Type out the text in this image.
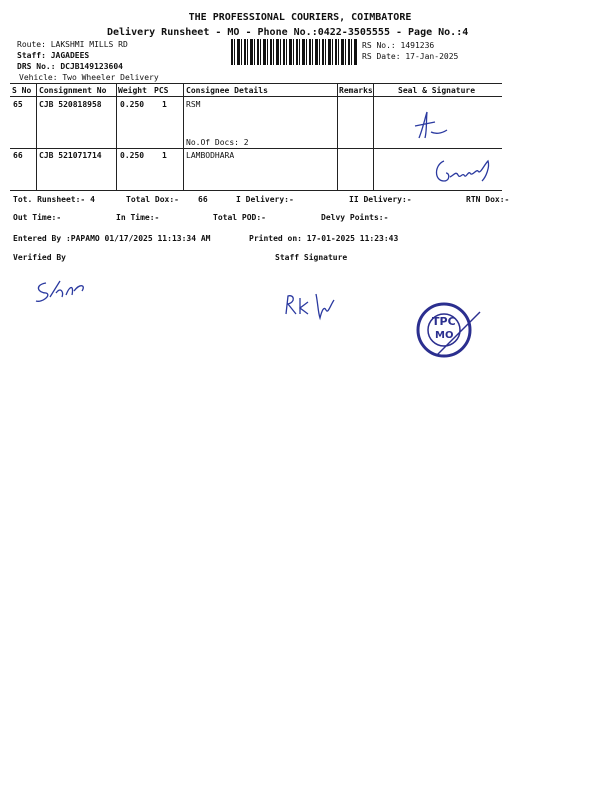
THE PROFESSIONAL COURIERS, COIMBATORE
Delivery Runsheet - MO - Phone No.:0422-3505555 - Page No.:4
Route: LAKSHMI MILLS RD
Staff: JAGADEES
DRS No.: DCJB149123604
Vehicle: Two Wheeler Delivery
RS No.: 1491236
RS Date: 17-Jan-2025
S No Consignment No Weight PCS Consignee Details	Remarks	Seal & Signature
65 CJB 520818958 0.250 1 RSM
No.Of Docs: 2
66 CJB 521071714 0.250 1 LAMBODHARA
Tot. Runsheet:- 4	Total Dox:- 66	I Delivery:-	II Delivery:-	RTN Dox:-
Out Time:-	In Time:-	Total POD:-	Delvy Points:-
Entered By :PAPAMO 01/17/2025 11:13:34 AM	Printed on: 17-01-2025 11:23:43
Verified By	Staff Signature
TPC
MO
